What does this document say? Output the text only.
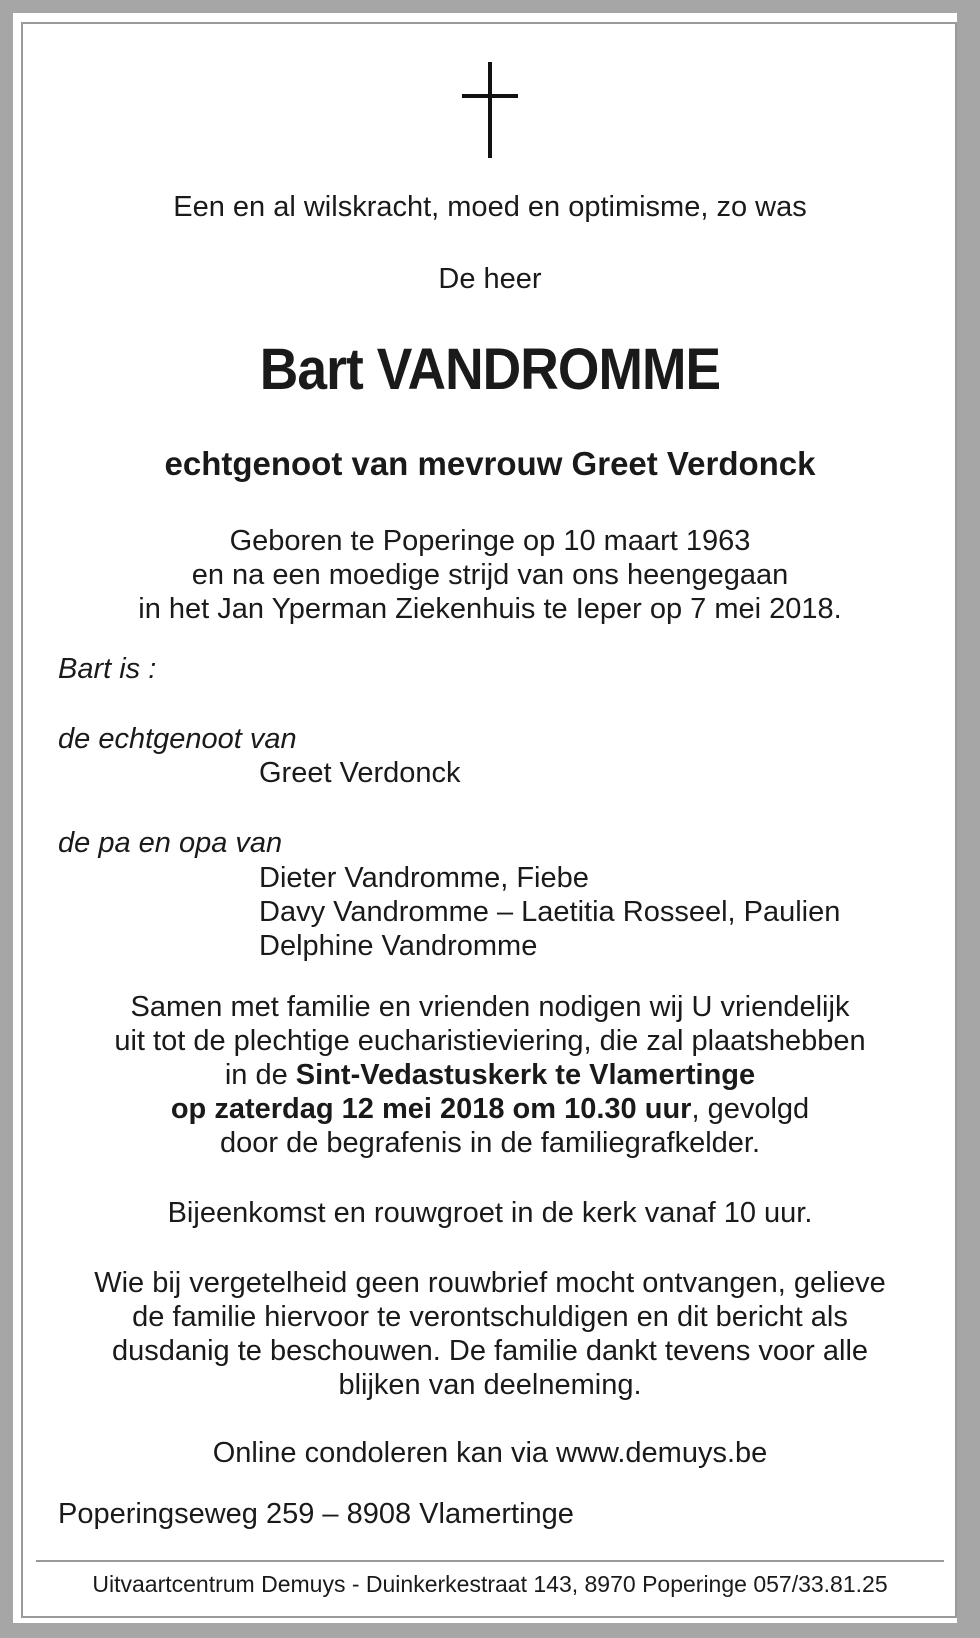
Een en al wilskracht, moed en optimisme, zo was
De heer
Bart VANDROMME
echtgenoot van mevrouw Greet Verdonck
Geboren te Poperinge op 10 maart 1963
en na een moedige strijd van ons heengegaan
in het Jan Yperman Ziekenhuis te Ieper op 7 mei 2018.
Bart is :
de echtgenoot van
Greet Verdonck
de pa en opa van
Dieter Vandromme, Fiebe
Davy Vandromme – Laetitia Rosseel, Paulien
Delphine Vandromme
Samen met familie en vrienden nodigen wij U vriendelijk
uit tot de plechtige eucharistieviering, die zal plaatshebben
in de Sint-Vedastuskerk te Vlamertinge
op zaterdag 12 mei 2018 om 10.30 uur, gevolgd
door de begrafenis in de familiegrafkelder.
Bijeenkomst en rouwgroet in de kerk vanaf 10 uur.
Wie bij vergetelheid geen rouwbrief mocht ontvangen, gelieve
de familie hiervoor te verontschuldigen en dit bericht als
dusdanig te beschouwen. De familie dankt tevens voor alle
blijken van deelneming.
Online condoleren kan via www.demuys.be
Poperingseweg 259 – 8908 Vlamertinge
Uitvaartcentrum Demuys - Duinkerkestraat 143, 8970 Poperinge 057/33.81.25
